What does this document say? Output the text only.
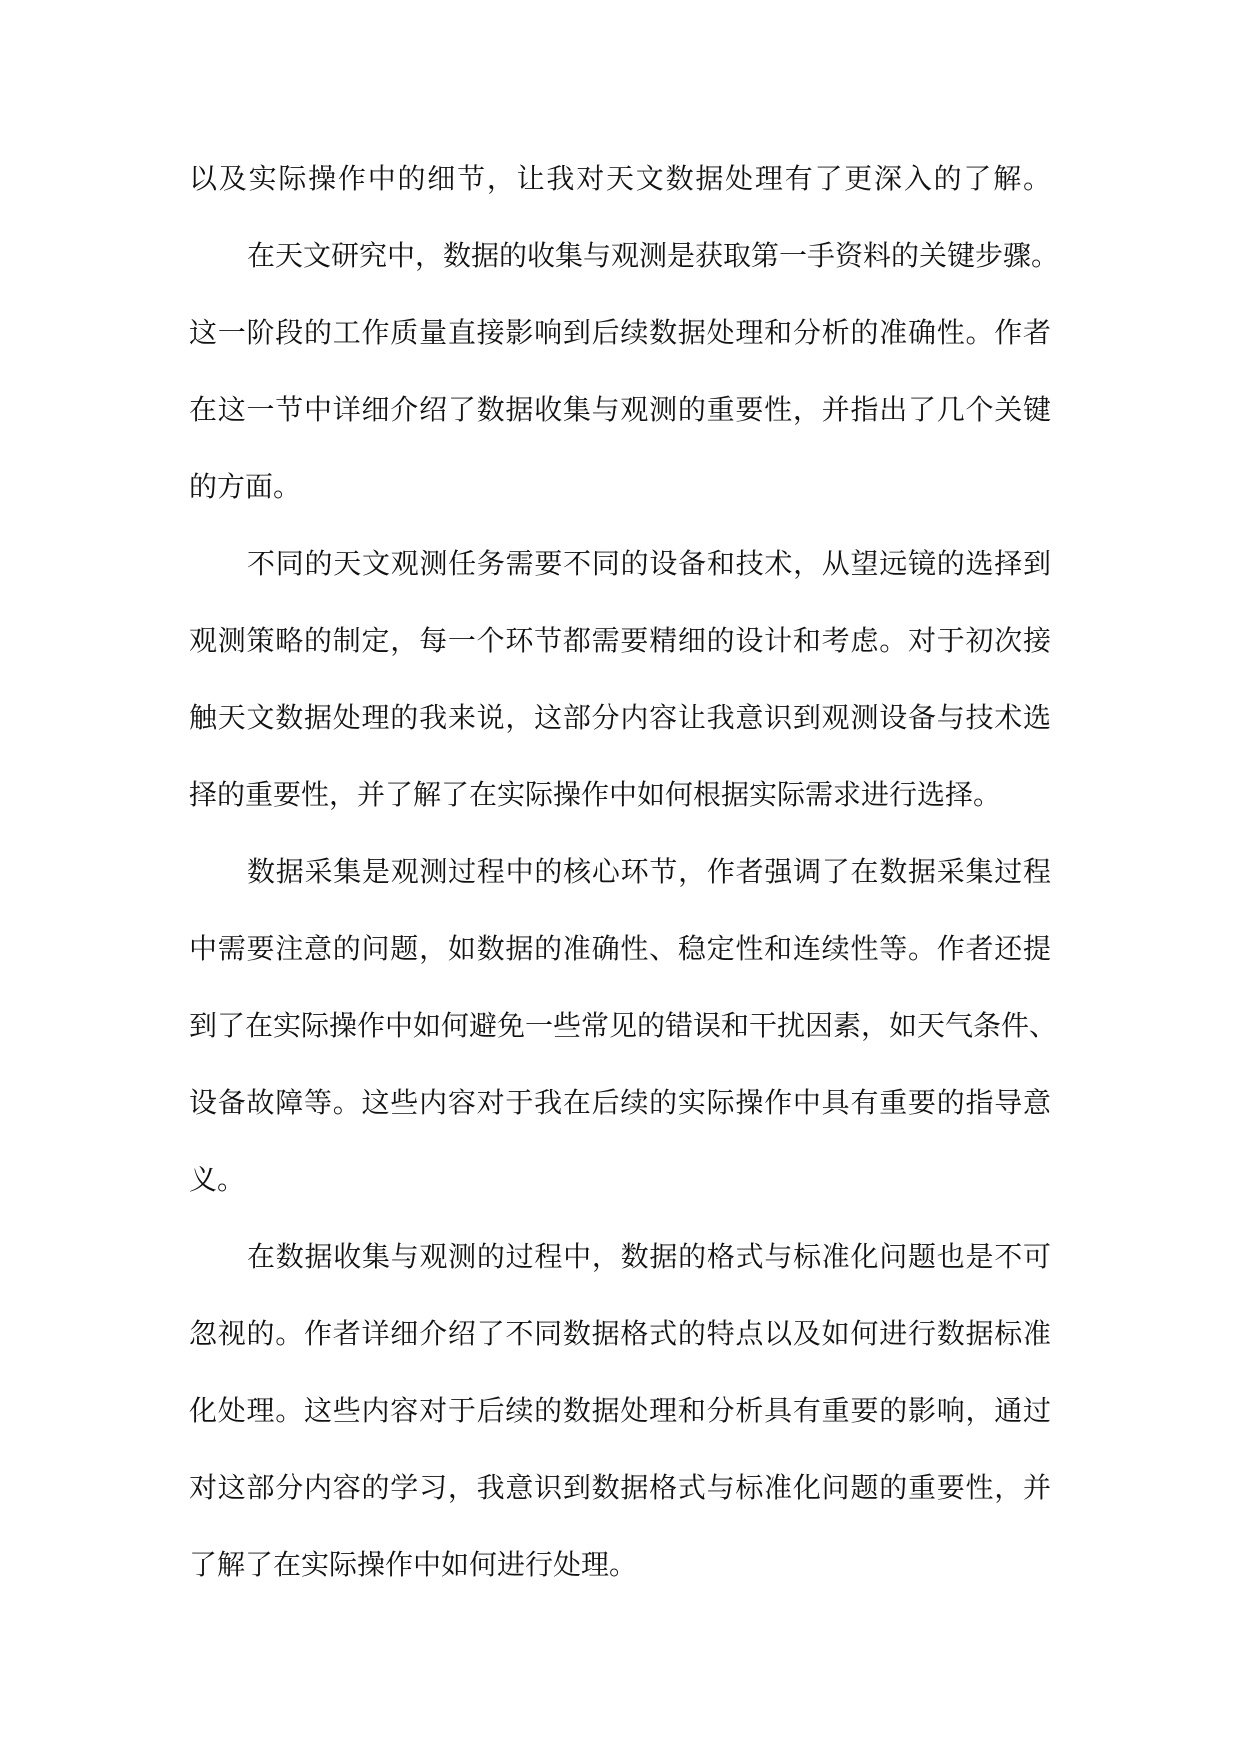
以及实际操作中的细节，让我对天文数据处理有了更深入的了解。
在天文研究中，数据的收集与观测是获取第一手资料的关键步骤。
这一阶段的工作质量直接影响到后续数据处理和分析的准确性。作者
在这一节中详细介绍了数据收集与观测的重要性，并指出了几个关键
的方面。
不同的天文观测任务需要不同的设备和技术，从望远镜的选择到
观测策略的制定，每一个环节都需要精细的设计和考虑。对于初次接
触天文数据处理的我来说，这部分内容让我意识到观测设备与技术选
择的重要性，并了解了在实际操作中如何根据实际需求进行选择。
数据采集是观测过程中的核心环节，作者强调了在数据采集过程
中需要注意的问题，如数据的准确性、稳定性和连续性等。作者还提
到了在实际操作中如何避免一些常见的错误和干扰因素，如天气条件、
设备故障等。这些内容对于我在后续的实际操作中具有重要的指导意
义。
在数据收集与观测的过程中，数据的格式与标准化问题也是不可
忽视的。作者详细介绍了不同数据格式的特点以及如何进行数据标准
化处理。这些内容对于后续的数据处理和分析具有重要的影响，通过
对这部分内容的学习，我意识到数据格式与标准化问题的重要性，并
了解了在实际操作中如何进行处理。
